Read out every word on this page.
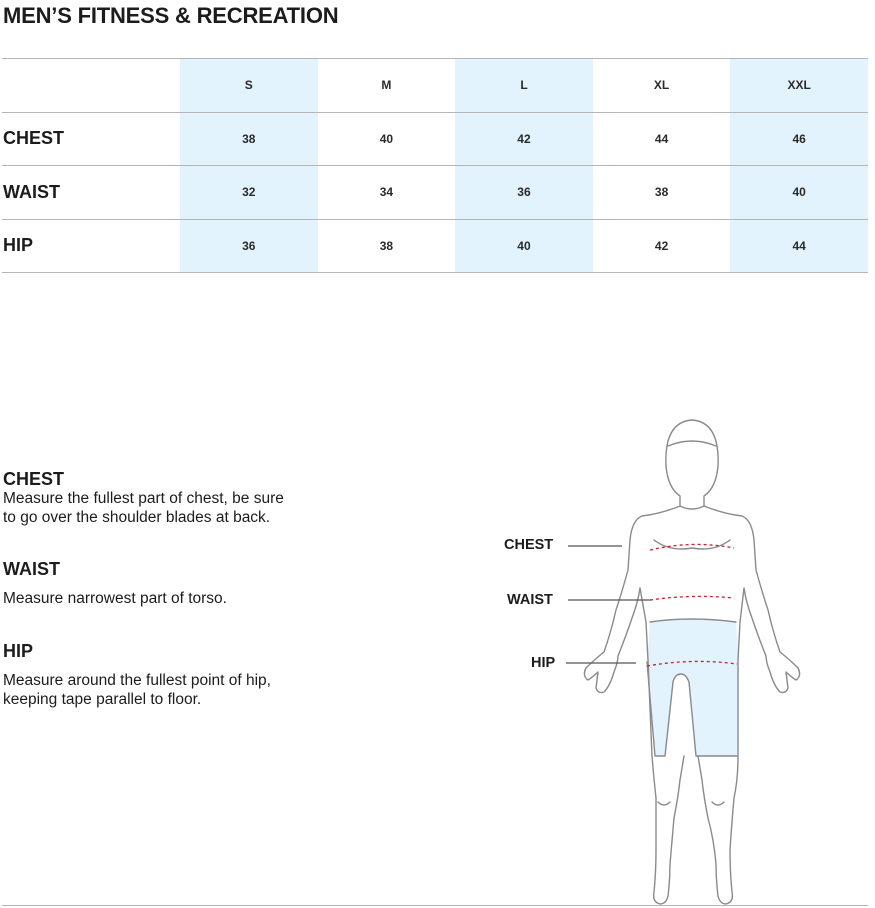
MEN’S FITNESS & RECREATION
	S	M	L	XL	XXL
CHEST	38	40	42	44	46
WAIST	32	34	36	38	40
HIP	36	38	40	42	44
CHEST

Measure the fullest part of chest, be sure
to go over the shoulder blades at back.

WAIST

Measure narrowest part of torso.

HIP

Measure around the fullest point of hip,
keeping tape parallel to floor.

CHEST
WAIST
HIP
